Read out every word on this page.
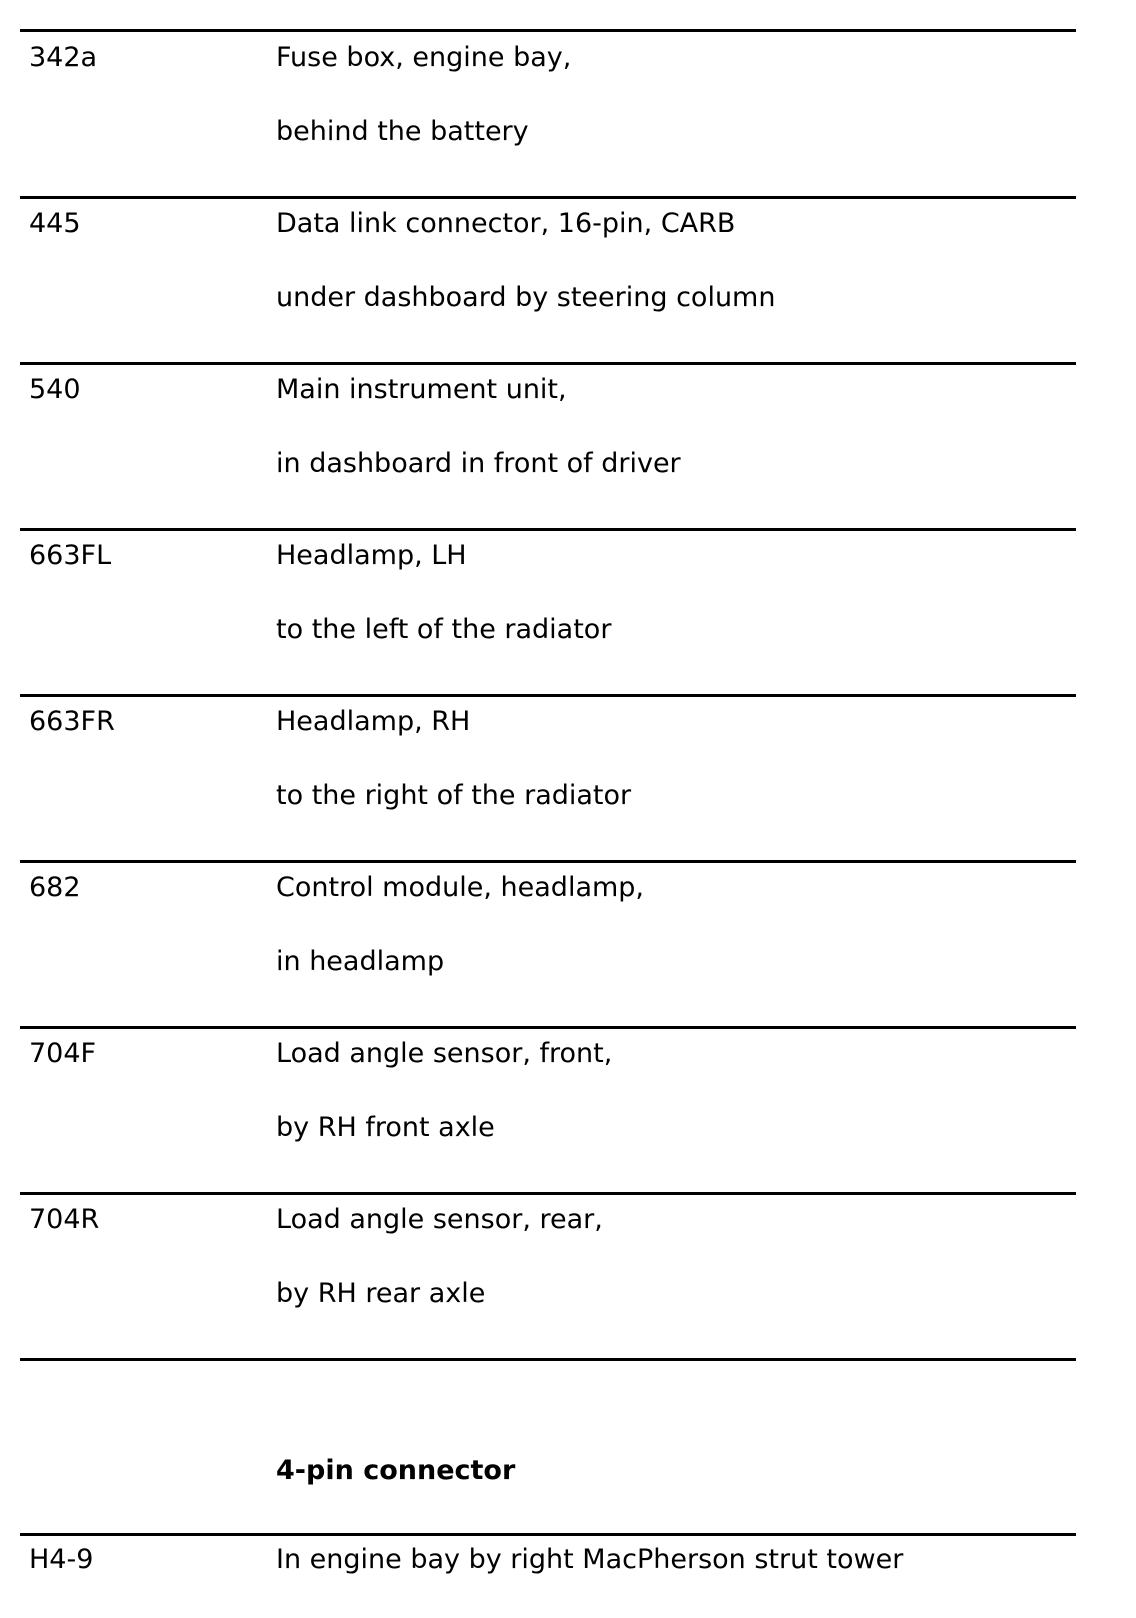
342a	Fuse box, engine bay,
behind the battery
445	Data link connector, 16-pin, CARB
under dashboard by steering column
540	Main instrument unit,
in dashboard in front of driver
663FL	Headlamp, LH
to the left of the radiator
663FR	Headlamp, RH
to the right of the radiator
682	Control module, headlamp,
in headlamp
704F	Load angle sensor, front,
by RH front axle
704R	Load angle sensor, rear,
by RH rear axle
4-pin connector
H4-9	In engine bay by right MacPherson strut tower
